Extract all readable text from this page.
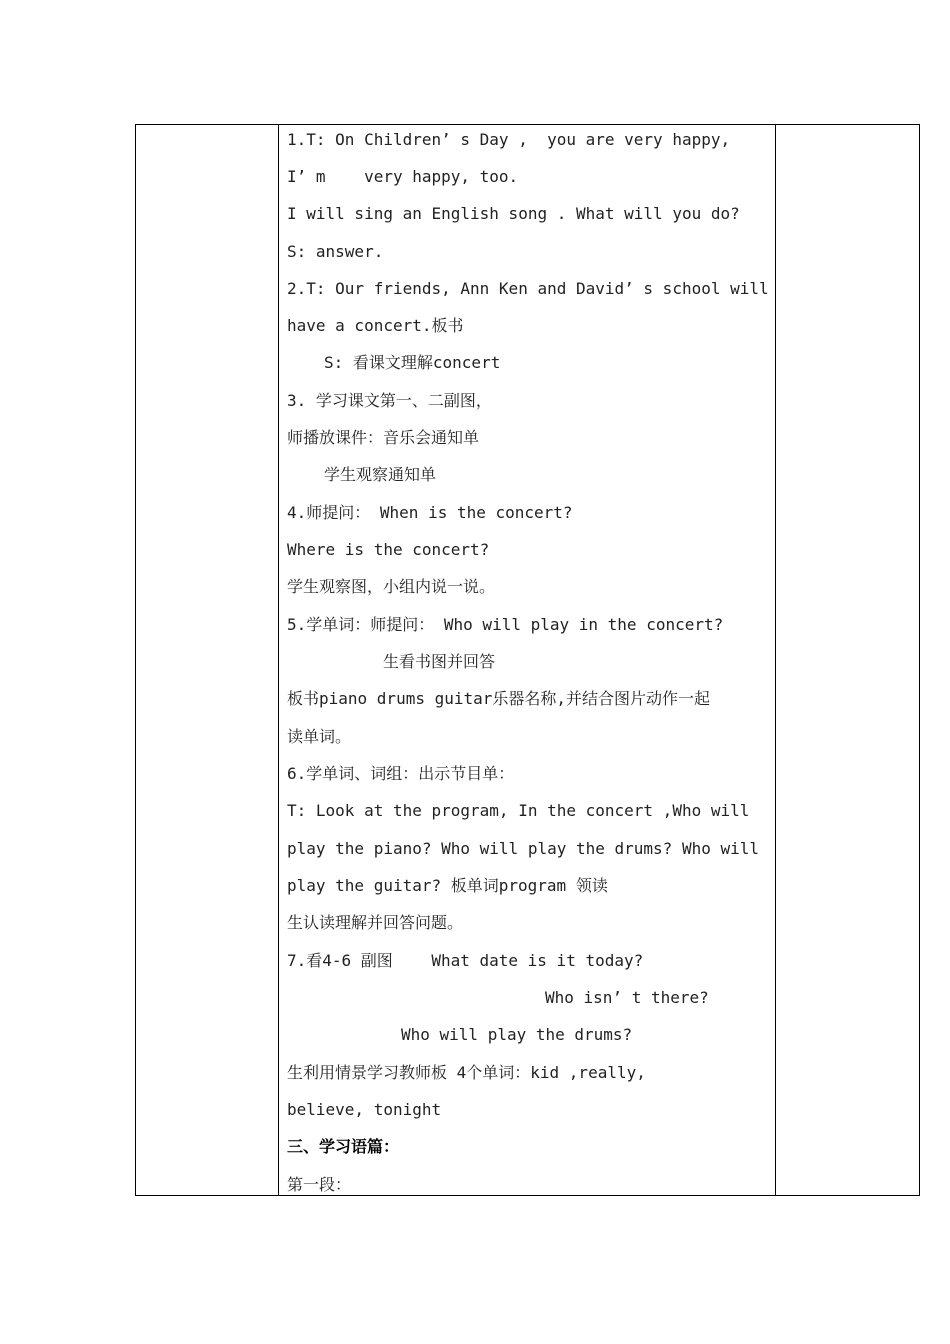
1.T: On Children’ s Day ,  you are very happy,
I’ m    very happy, too.
I will sing an English song . What will you do?
S: answer.
2.T: Our friends, Ann Ken and David’ s school will
have a concert.板书
S: 看课文理解concert
3. 学习课文第一、二副图，
师播放课件：音乐会通知单
学生观察通知单
4.师提问： When is the concert?
Where is the concert?
学生观察图，小组内说一说。
5.学单词：师提问： Who will play in the concert?
生看书图并回答
板书piano drums guitar乐器名称,并结合图片动作一起
读单词。
6.学单词、词组：出示节目单：
T: Look at the program, In the concert ,Who will
play the piano? Who will play the drums? Who will
play the guitar? 板单词program 领读
生认读理解并回答问题。
7.看4-6 副图    What date is it today?
Who isn’ t there?
Who will play the drums?
生利用情景学习教师板 4个单词：kid ,really,
believe, tonight
三、学习语篇：
第一段：
